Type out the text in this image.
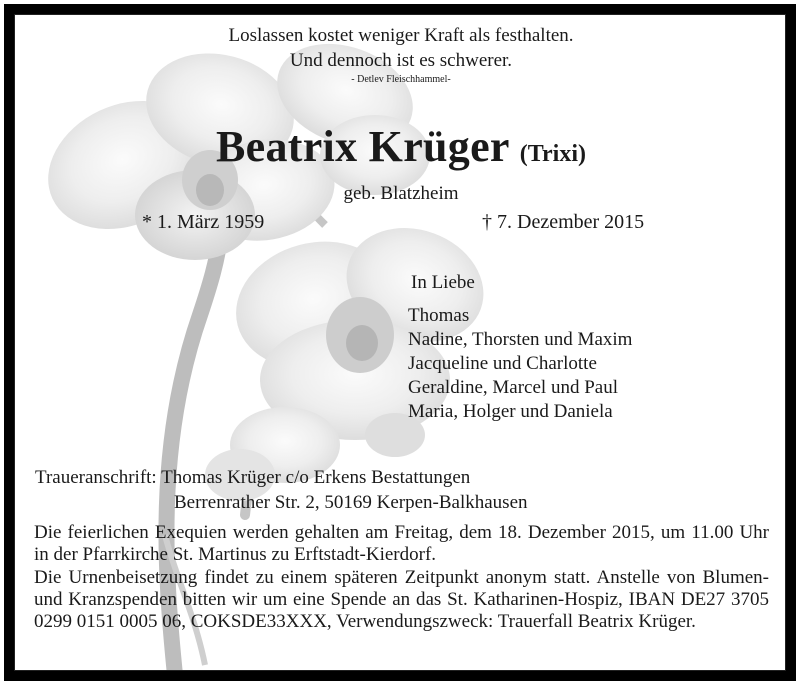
Loslassen kostet weniger Kraft als festhalten.
Und dennoch ist es schwerer.
- Detlev Fleischhammel-
Beatrix Krüger (Trixi)
geb. Blatzheim
* 1. März 1959	† 7. Dezember 2015
In Liebe
Thomas
Nadine, Thorsten und Maxim
Jacqueline und Charlotte
Geraldine, Marcel und Paul
Maria, Holger und Daniela
Traueranschrift: Thomas Krüger c/o Erkens Bestattungen
Berrenrather Str. 2, 50169 Kerpen-Balkhausen
Die feierlichen Exequien werden gehalten am Freitag, dem 18. Dezember 2015, um 11.00 Uhr in der Pfarrkirche St. Martinus zu Erftstadt-Kierdorf.
Die Urnenbeisetzung findet zu einem späteren Zeitpunkt anonym statt. Anstelle von Blumen- und Kranzspenden bitten wir um eine Spende an das St. Katharinen-Hospiz, IBAN DE27 3705 0299 0151 0005 06, COKSDE33XXX, Verwendungszweck: Trauerfall Beatrix Krüger.
